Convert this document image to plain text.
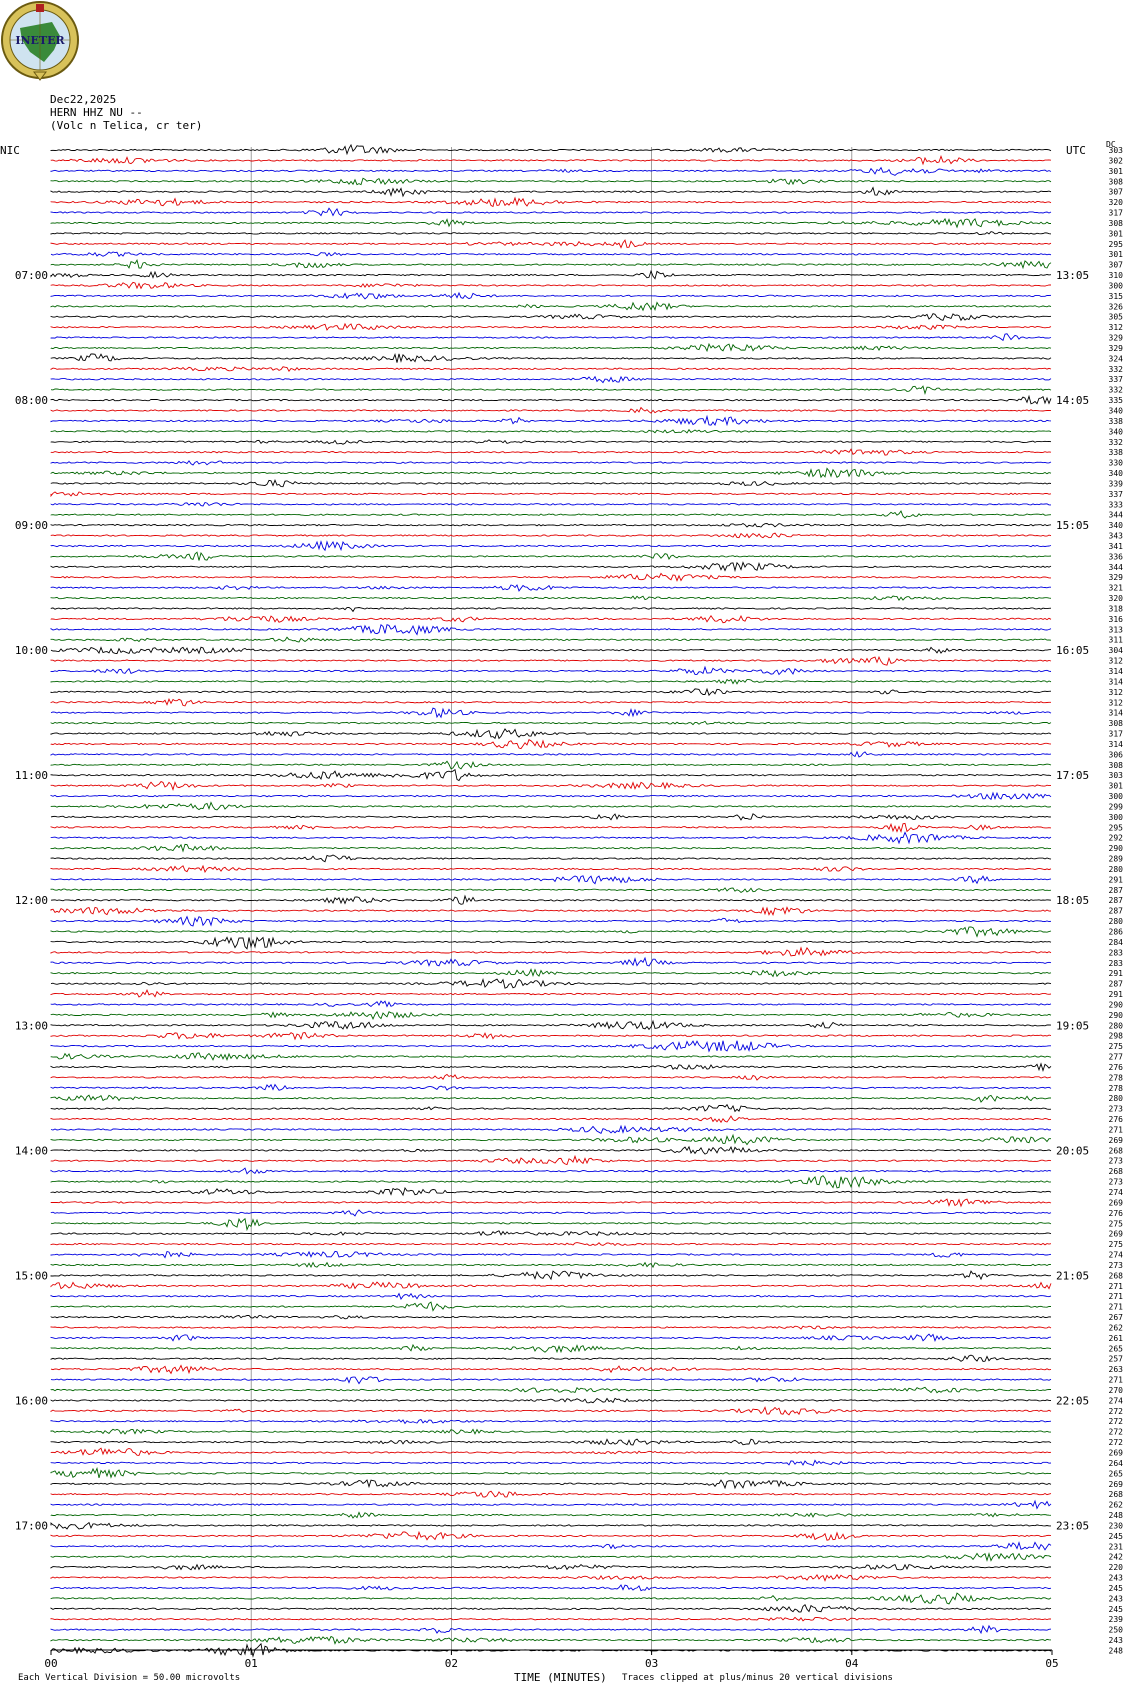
INETER
Dec22,2025
HERN HHZ NU --
(Volc n Telica, cr ter)
NIC	UTC	DC
Each Vertical Division = 50.00 microvolts	TIME (MINUTES) Traces clipped at plus/minus 20 vertical divisions
303
302
301
308
307
320
317
308
301
295
301
307
310
300
315
326
305
312
329
329
324
332
337
332
335
340
338
340
332
338
330
340
339
337
333
344
340
343
341
336
344
329
321
320
318
316
313
311
304
312
314
314
312
312
314
308
317
314
306
308
303
301
300
299
300
295
292
290
289
280
291
287
287
287
280
286
284
283
283
291
287
291
290
290
280
298
275
277
276
278
278
280
273
276
271
269
268
273
268
273
274
269
276
275
269
275
274
273
268
271
271
271
267
262
261
265
257
263
271
270
274
272
272
272
272
269
264
265
269
268
262
248
230
245
231
242
220
243
245
243
245
239
250
243
248
07:00
08:00
09:00
10:00
11:00
12:00
13:00
14:00
15:00
16:00
17:00
13:05
14:05
15:05
16:05
17:05
18:05
19:05
20:05
21:05
22:05
23:05
00	01	02	03	04	05
